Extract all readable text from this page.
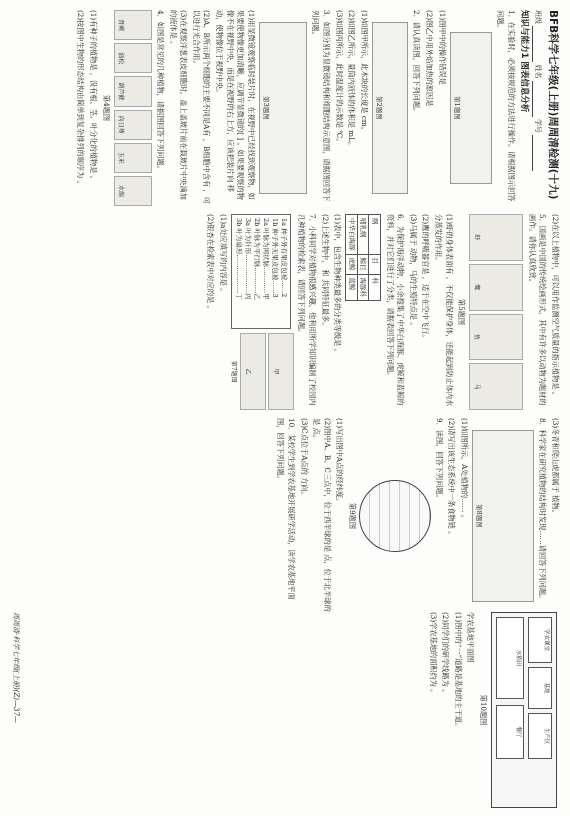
BFB科学七年级(上册)周周清检测(十九)
班级  姓名  学号
知识与能力1 图表信息分析

1．在实验时，必须按规范的方法进行操作。请根据图示回答问题。

第1题图

(1)图甲中的操作错误是

(2)图乙中用外焰加热的原因是

2．请认真读图，回答下列问题。

第2题图

(1)如图甲所示，此木块的长度是 cm。

(2)如图乙所示，量筒内液体的体积是 mL。

(3)如图丙所示，此时温度计的示数是 ℃。

3．如图分别为显微镜结构和细胞结构示意图，请据图回答下列问题。

第3题图

(1)用显微镜观察临时装片时，在视野中已经找到观察物，如果要使物像更加清晰，应调节显微镜的[ ] 。如果要观察的物像不在视野中央，而是在视野的右上方，应该把装片向 移动，使物像位于视野中央。

(2)A、B所示两个细胞的主要不同是A有 ，B细胞中含有 ，可以进行光合作用。

(3)在观察洋葱表皮细胞时，盖上盖玻片前在载玻片中央滴加的液体是 。

4．如图是常见的几种植物，请据图回答下列问题。

肾蕨
油松
葫芦藓
向日葵
玉米
水绵

第4题图

(1)有种子的植物是 ，没有根、茎、叶分化的植物是 。

(2)按图中生物的形态结构由简单到复杂排列的顺序为 。

(2)在以上植物中，可以用作监测空气质量的指示植物是 。

5．国画是中国的传统绘画形式，其中有许多以动物为题材的画作。请你认真欣赏。

虾
鹰
鱼
马

第5题图

(1)虾的身体表面有 ，不仅能保护身体，还能起到防止体内水分蒸发的作用。

(2)鹰的呼吸器官是 ，适于在空中飞行。

(3)马属于 动物，马的生殖特点是 。

6．为保护海洋动物，小余搜集了中华白海豚、虎鲸和蓝鲸的资料，并对它们进行了分类，请据表回答下列问题。

纲	目	科
哺乳纲	鲸目	海豚科
中华白海豚	虎鲸	蓝鲸

(1)表中，包含生物种类最多的分类等级是 。

(2)上述生物中， 和 共同特征最多。

7．小科同学对植物很感兴趣，他利用所学知识编制了校园内几种植物的检索表，请回答下列问题。

1a 种子外有果皮包被……2
1b 种子外无果皮包被……3
2a 叶脉为网状脉…………甲
2b 叶脉为平行脉…………乙
3a 叶为针形………………丙
3b 叶为扇形………………丁
甲
乙
第7题图

(1)a处应填写的内容是 。

(2)银杏在检索表中对应的是 。

(3)冬青和爬山虎都属于 植物。

8．科学家在研究植物的结构时发现……请回答下列问题。

第8题图

(1)如图所示，A处植物的…… 。

(2)请写出该生态系统中一条食物链 。

9．读图，回答下列问题。

第9题图

(1)写出图中A点的经纬度。

(2)图中A、B、C三点中，位于西半球的是 点，位于北半球的是 点。

(3)C点位于A点的 方向。

10．某校学生到学农基地开展研学活动，读学农基地平面图，回答下列问题。

学农课堂
基地
生产区
水稻田
餐厅

第10题图

学农基地平面图

(1)图中的“一”道路是基地的主干道。

(2)同学们的研学线路为 。

(3)学农基地的面积约为 。

周周清·科学七年级(上册)(Z)—37—
